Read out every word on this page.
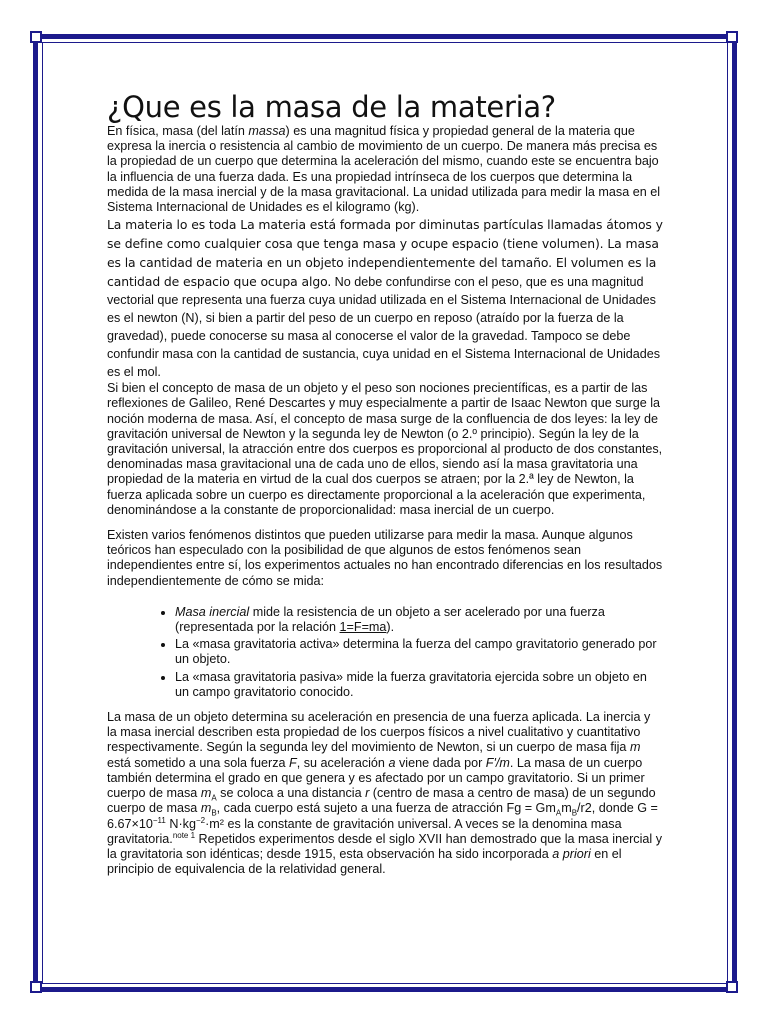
¿Que es la masa de la materia?

En física, masa (del latín massa) es una magnitud física y propiedad general de la materia que expresa la inercia o resistencia al cambio de movimiento de un cuerpo. De manera más precisa es la propiedad de un cuerpo que determina la aceleración del mismo, cuando este se encuentra bajo la influencia de una fuerza dada. Es una propiedad intrínseca de los cuerpos que determina la medida de la masa inercial y de la masa gravitacional. La unidad utilizada para medir la masa en el Sistema Internacional de Unidades es el kilogramo (kg).

La materia lo es toda La materia está formada por diminutas partículas llamadas átomos y se define como cualquier cosa que tenga masa y ocupe espacio (tiene volumen). La masa es la cantidad de materia en un objeto independientemente del tamaño. El volumen es la cantidad de espacio que ocupa algo.

No debe confundirse con el peso, que es una magnitud vectorial que representa una fuerza cuya unidad utilizada en el Sistema Internacional de Unidades es el newton (N), si bien a partir del peso de un cuerpo en reposo (atraído por la fuerza de la gravedad), puede conocerse su masa al conocerse el valor de la gravedad. Tampoco se debe confundir masa con la cantidad de sustancia, cuya unidad en el Sistema Internacional de Unidades es el mol.

Si bien el concepto de masa de un objeto y el peso son nociones precientíficas, es a partir de las reflexiones de Galileo, René Descartes y muy especialmente a partir de Isaac Newton que surge la noción moderna de masa. Así, el concepto de masa surge de la confluencia de dos leyes: la ley de gravitación universal de Newton y la segunda ley de Newton (o 2.º principio). Según la ley de la gravitación universal, la atracción entre dos cuerpos es proporcional al producto de dos constantes, denominadas masa gravitacional una de cada uno de ellos, siendo así la masa gravitatoria una propiedad de la materia en virtud de la cual dos cuerpos se atraen; por la 2.ª ley de Newton, la fuerza aplicada sobre un cuerpo es directamente proporcional a la aceleración que experimenta, denominándose a la constante de proporcionalidad: masa inercial de un cuerpo.

Existen varios fenómenos distintos que pueden utilizarse para medir la masa. Aunque algunos teóricos han especulado con la posibilidad de que algunos de estos fenómenos sean independientes entre sí, los experimentos actuales no han encontrado diferencias en los resultados independientemente de cómo se mida:

• Masa inercial mide la resistencia de un objeto a ser acelerado por una fuerza (representada por la relación 1=F=ma).
• La «masa gravitatoria activa» determina la fuerza del campo gravitatorio generado por un objeto.
• La «masa gravitatoria pasiva» mide la fuerza gravitatoria ejercida sobre un objeto en un campo gravitatorio conocido.

La masa de un objeto determina su aceleración en presencia de una fuerza aplicada. La inercia y la masa inercial describen esta propiedad de los cuerpos físicos a nivel cualitativo y cuantitativo respectivamente. Según la segunda ley del movimiento de Newton, si un cuerpo de masa fija m está sometido a una sola fuerza F, su aceleración a viene dada por F'/m. La masa de un cuerpo también determina el grado en que genera y es afectado por un campo gravitatorio. Si un primer cuerpo de masa $m_A$ se coloca a una distancia r (centro de masa a centro de masa) de un segundo cuerpo de masa $m_B$, cada cuerpo está sujeto a una fuerza de atracción $Fg = Gm_Am_B/r2$, donde $G = 6.67\times 10^{-11}$ $N\cdot kg^{-2}\cdot m^2$ es la constante de gravitación universal. A veces se la denomina masa gravitatoria.$^{note 1}$ Repetidos experimentos desde el siglo XVII han demostrado que la masa inercial y la gravitatoria son idénticas; desde 1915, esta observación ha sido incorporada a priori en el principio de equivalencia de la relatividad general.
